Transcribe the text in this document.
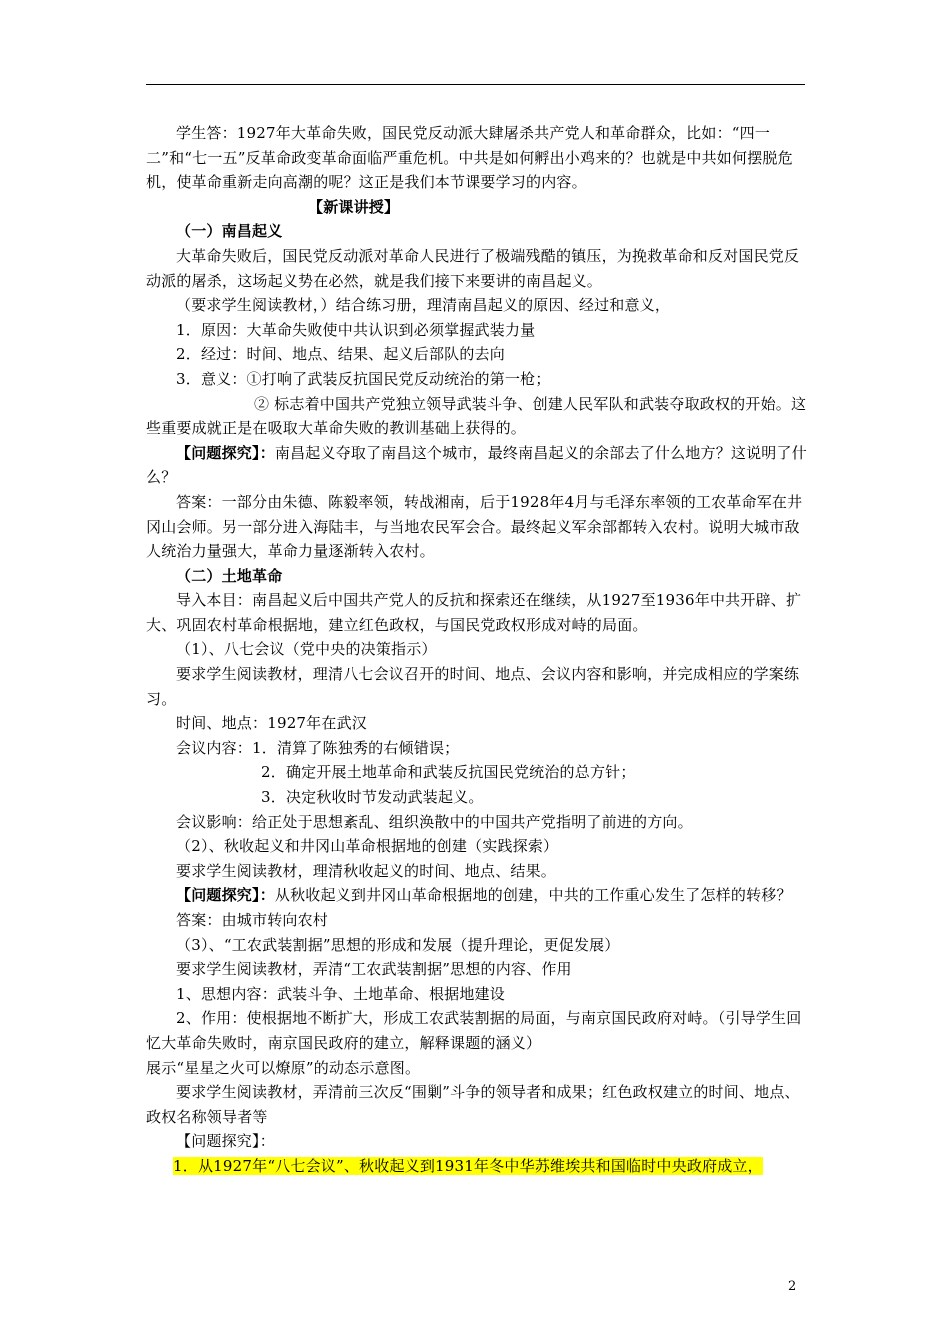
学生答：1927年大革命失败，国民党反动派大肆屠杀共产党人和革命群众，比如：“四一二”和“七一五”反革命政变革命面临严重危机。中共是如何孵出小鸡来的？也就是中共如何摆脱危机，使革命重新走向高潮的呢？这正是我们本节课要学习的内容。

【新课讲授】

（一）南昌起义

大革命失败后，国民党反动派对革命人民进行了极端残酷的镇压，为挽救革命和反对国民党反动派的屠杀，这场起义势在必然，就是我们接下来要讲的南昌起义。

（要求学生阅读教材，）结合练习册，理清南昌起义的原因、经过和意义，

1．原因：大革命失败使中共认识到必须掌握武装力量

2．经过：时间、地点、结果、起义后部队的去向

3．意义：①打响了武装反抗国民党反动统治的第一枪；

② 标志着中国共产党独立领导武装斗争、创建人民军队和武装夺取政权的开始。这些重要成就正是在吸取大革命失败的教训基础上获得的。

【问题探究】：南昌起义夺取了南昌这个城市，最终南昌起义的余部去了什么地方？这说明了什么？

答案：一部分由朱德、陈毅率领，转战湘南，后于1928年4月与毛泽东率领的工农革命军在井冈山会师。另一部分进入海陆丰，与当地农民军会合。最终起义军余部都转入农村。说明大城市敌人统治力量强大，革命力量逐渐转入农村。

（二）土地革命

导入本目：南昌起义后中国共产党人的反抗和探索还在继续，从1927至1936年中共开辟、扩大、巩固农村革命根据地，建立红色政权，与国民党政权形成对峙的局面。

（1）、八七会议（党中央的决策指示）

要求学生阅读教材，理清八七会议召开的时间、地点、会议内容和影响，并完成相应的学案练习。

时间、地点：1927年在武汉

会议内容：1．清算了陈独秀的右倾错误；

2．确定开展土地革命和武装反抗国民党统治的总方针；

3．决定秋收时节发动武装起义。

会议影响：给正处于思想紊乱、组织涣散中的中国共产党指明了前进的方向。

（2）、秋收起义和井冈山革命根据地的创建（实践探索）

要求学生阅读教材，理清秋收起义的时间、地点、结果。

【问题探究】：从秋收起义到井冈山革命根据地的创建，中共的工作重心发生了怎样的转移？

答案：由城市转向农村

（3）、“工农武装割据”思想的形成和发展（提升理论，更促发展）

要求学生阅读教材，弄清“工农武装割据”思想的内容、作用

1、思想内容：武装斗争、土地革命、根据地建设

2、作用：使根据地不断扩大，形成工农武装割据的局面，与南京国民政府对峙。（引导学生回忆大革命失败时，南京国民政府的建立，解释课题的涵义）

展示“星星之火可以燎原”的动态示意图。

要求学生阅读教材，弄清前三次反“围剿”斗争的领导者和成果；红色政权建立的时间、地点、政权名称领导者等

【问题探究】：

1．从1927年“八七会议”、秋收起义到1931年冬中华苏维埃共和国临时中央政府成立，

2
